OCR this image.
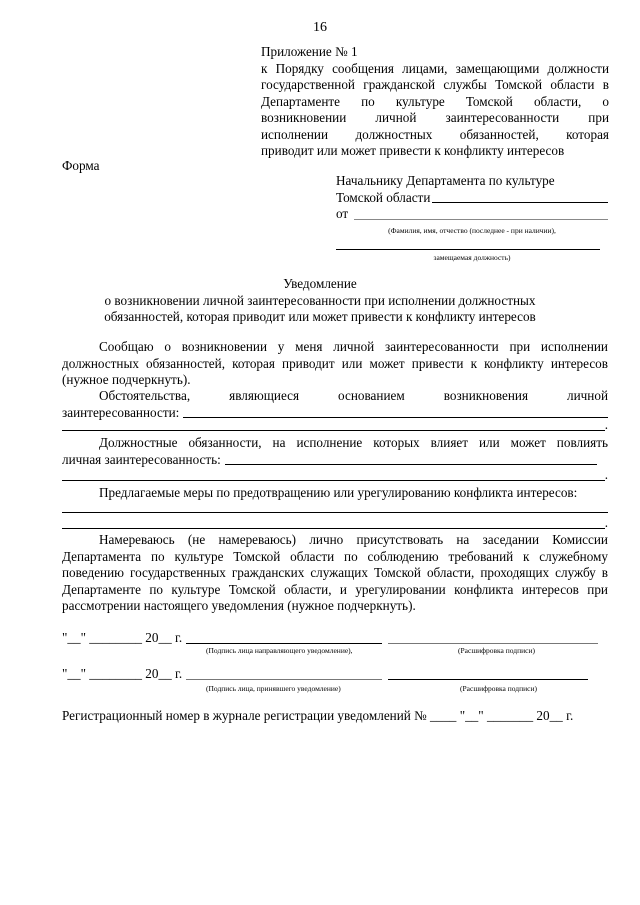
16
Приложение № 1
к Порядку сообщения лицами, замещающими должности
государственной гражданской службы Томской области в
Департаменте по культуре Томской области, о
возникновении личной заинтересованности при
исполнении должностных обязанностей, которая
приводит или может привести к конфликту интересов
Форма
Начальнику Департамента по культуре
Томской области
от
(Фамилия, имя, отчество (последнее - при наличии),
замещаемая должность)
Уведомление
о возникновении личной заинтересованности при исполнении должностных
обязанностей, которая приводит или может привести к конфликту интересов
Сообщаю о возникновении у меня личной заинтересованности при исполнении
должностных обязанностей, которая приводит или может привести к конфликту интересов
(нужное подчеркнуть).
Обстоятельства, являющиеся основанием возникновения личной
заинтересованности:
.
Должностные обязанности, на исполнение которых влияет или может повлиять
личная заинтересованность:
.
Предлагаемые меры по предотвращению или урегулированию конфликта интересов:
.
Намереваюсь (не намереваюсь) лично присутствовать на заседании Комиссии Департамента по культуре Томской области по соблюдению требований к служебному поведению государственных гражданских служащих Томской области, проходящих службу в Департаменте по культуре Томской области, и урегулировании конфликта интересов при рассмотрении настоящего уведомления (нужное подчеркнуть).
"__" ________ 20__ г.
(Подпись лица направляющего уведомление),	(Расшифровка подписи)
"__" ________ 20__ г.
(Подпись лица, принявшего уведомление)	(Расшифровка подписи)
Регистрационный номер в журнале регистрации уведомлений № ____ "__" _______ 20__ г.
